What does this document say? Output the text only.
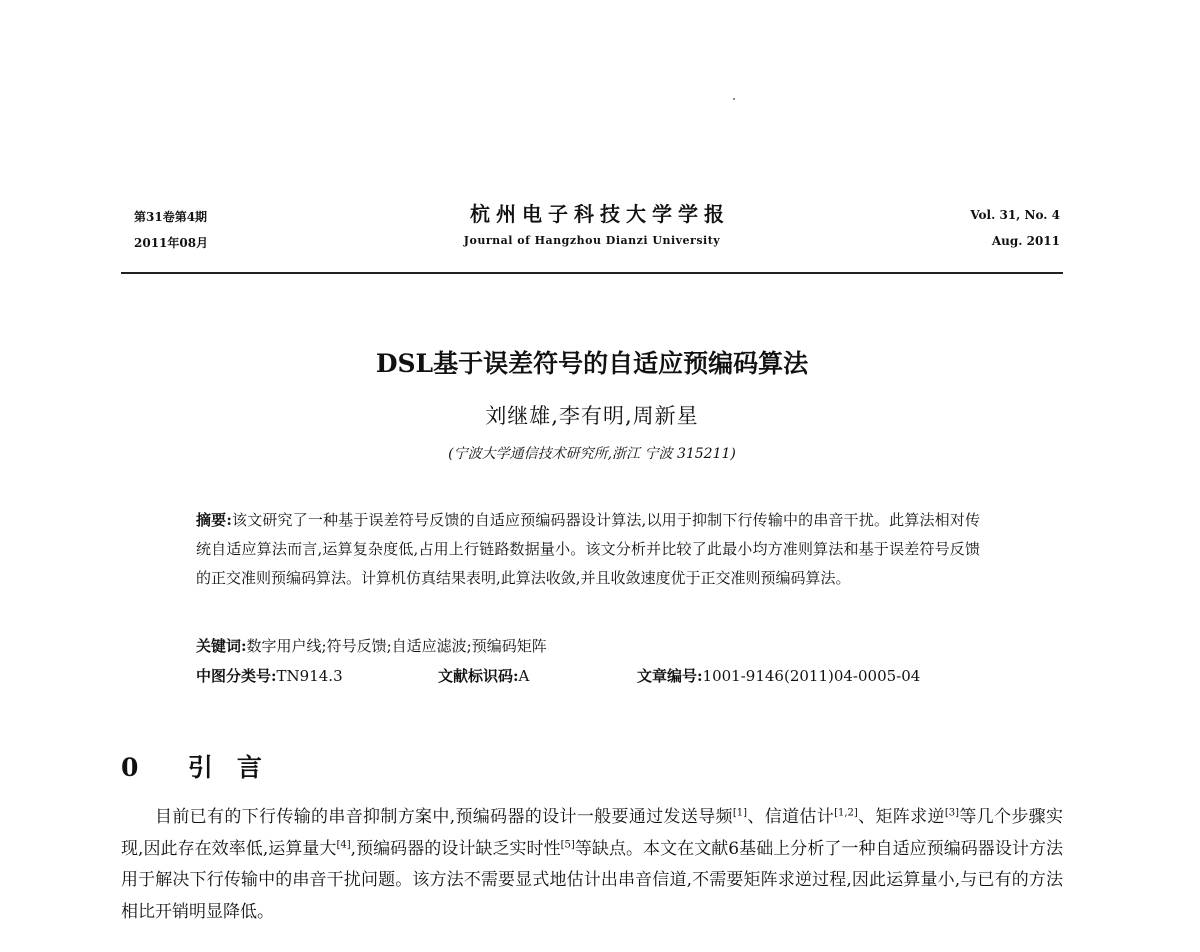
第31卷第4期
2011年08月
杭州电子科技大学学报
Journal of Hangzhou Dianzi University
Vol. 31, No. 4
Aug. 2011
DSL基于误差符号的自适应预编码算法
刘继雄,李有明,周新星
(宁波大学通信技术研究所,浙江 宁波 315211)
摘要:该文研究了一种基于误差符号反馈的自适应预编码器设计算法,以用于抑制下行传输中的串音干扰。此算法相对传统自适应算法而言,运算复杂度低,占用上行链路数据量小。该文分析并比较了此最小均方准则算法和基于误差符号反馈的正交准则预编码算法。计算机仿真结果表明,此算法收敛,并且收敛速度优于正交准则预编码算法。
关键词:数字用户线;符号反馈;自适应滤波;预编码矩阵
中图分类号:TN914.3	文献标识码:A	文章编号:1001-9146(2011)04-0005-04
0 引言
目前已有的下行传输的串音抑制方案中,预编码器的设计一般要通过发送导频[1]、信道估计[1,2]、矩阵求逆[3]等几个步骤实现,因此存在效率低,运算量大[4],预编码器的设计缺乏实时性[5]等缺点。本文在文献6基础上分析了一种自适应预编码器设计方法用于解决下行传输中的串音干扰问题。该方法不需要显式地估计出串音信道,不需要矩阵求逆过程,因此运算量小,与已有的方法相比开销明显降低。
